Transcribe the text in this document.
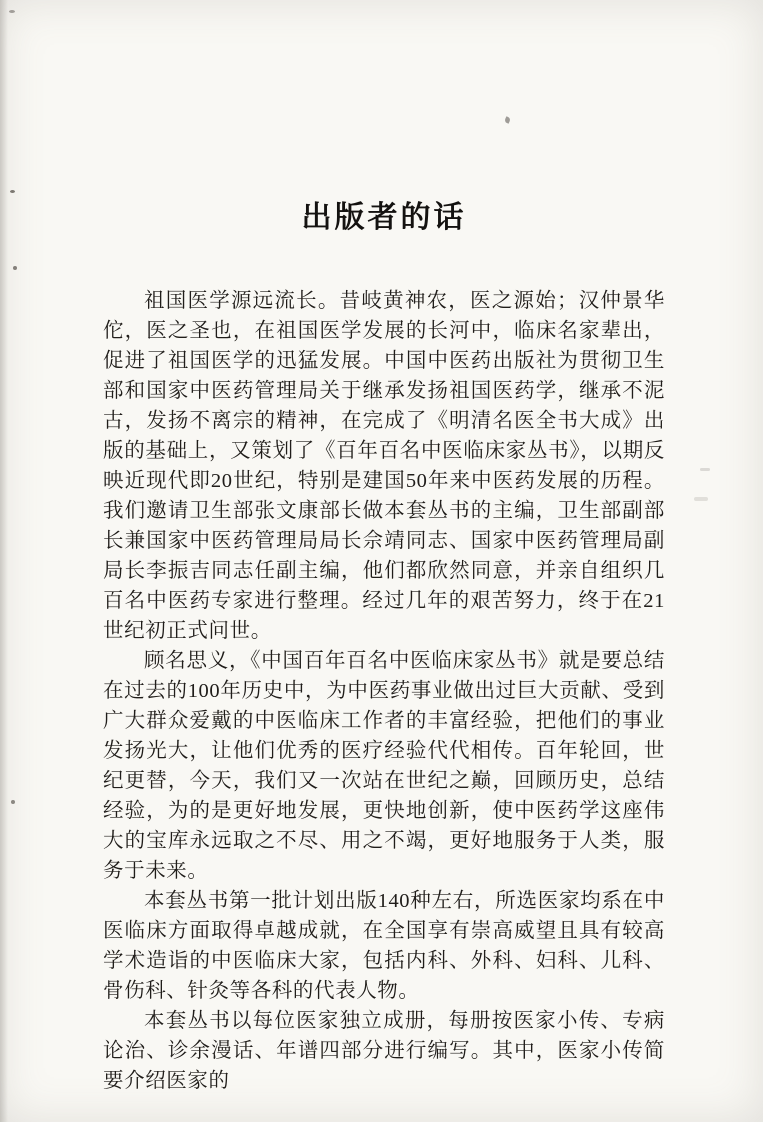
出版者的话

祖国医学源远流长。昔岐黄神农，医之源始；汉仲景华佗，医之圣也，在祖国医学发展的长河中，临床名家辈出，促进了祖国医学的迅猛发展。中国中医药出版社为贯彻卫生部和国家中医药管理局关于继承发扬祖国医药学，继承不泥古，发扬不离宗的精神，在完成了《明清名医全书大成》出版的基础上，又策划了《百年百名中医临床家丛书》，以期反映近现代即20世纪，特别是建国50年来中医药发展的历程。我们邀请卫生部张文康部长做本套丛书的主编，卫生部副部长兼国家中医药管理局局长佘靖同志、国家中医药管理局副局长李振吉同志任副主编，他们都欣然同意，并亲自组织几百名中医药专家进行整理。经过几年的艰苦努力，终于在21世纪初正式问世。

顾名思义，《中国百年百名中医临床家丛书》就是要总结在过去的100年历史中，为中医药事业做出过巨大贡献、受到广大群众爱戴的中医临床工作者的丰富经验，把他们的事业发扬光大，让他们优秀的医疗经验代代相传。百年轮回，世纪更替，今天，我们又一次站在世纪之巅，回顾历史，总结经验，为的是更好地发展，更快地创新，使中医药学这座伟大的宝库永远取之不尽、用之不竭，更好地服务于人类，服务于未来。

本套丛书第一批计划出版140种左右，所选医家均系在中医临床方面取得卓越成就，在全国享有崇高威望且具有较高学术造诣的中医临床大家，包括内科、外科、妇科、儿科、骨伤科、针灸等各科的代表人物。

本套丛书以每位医家独立成册，每册按医家小传、专病论治、诊余漫话、年谱四部分进行编写。其中，医家小传简要介绍医家的
